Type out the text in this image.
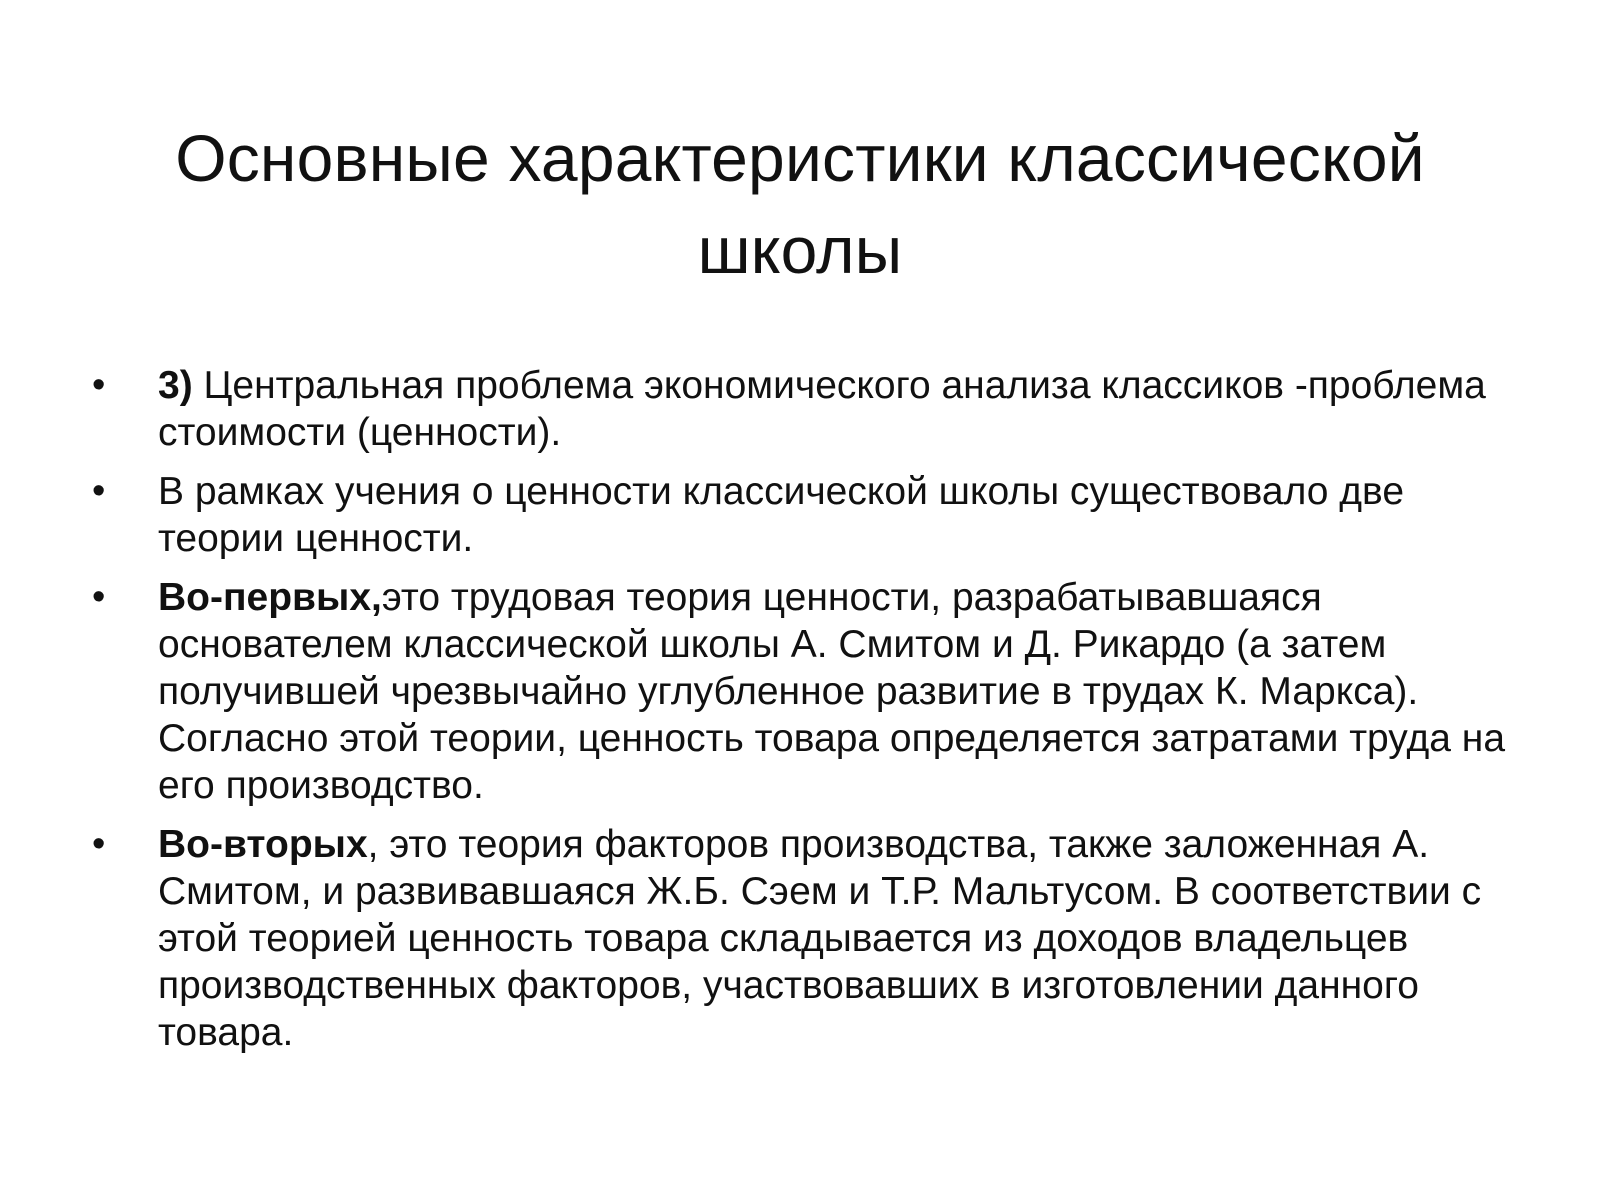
Основные характеристики классической
школы
•	3) Центральная проблема экономического анализа классиков -проблема стоимости (ценности).
•	В рамках учения о ценности классической школы существовало две теории ценности.
•	Во-первых,это трудовая теория ценности, разрабатывавшаяся основателем классической школы А. Смитом и Д. Рикардо (а затем получившей чрезвычайно углубленное развитие в трудах К. Маркса). Согласно этой теории, ценность товара определяется затратами труда на его производство.
•	Во-вторых, это теория факторов производства, также заложенная А. Смитом, и развивавшаяся Ж.Б. Сэем и Т.Р. Мальтусом. В соответствии с этой теорией ценность товара складывается из доходов владельцев производственных факторов, участвовавших в изготовлении данного товара.
